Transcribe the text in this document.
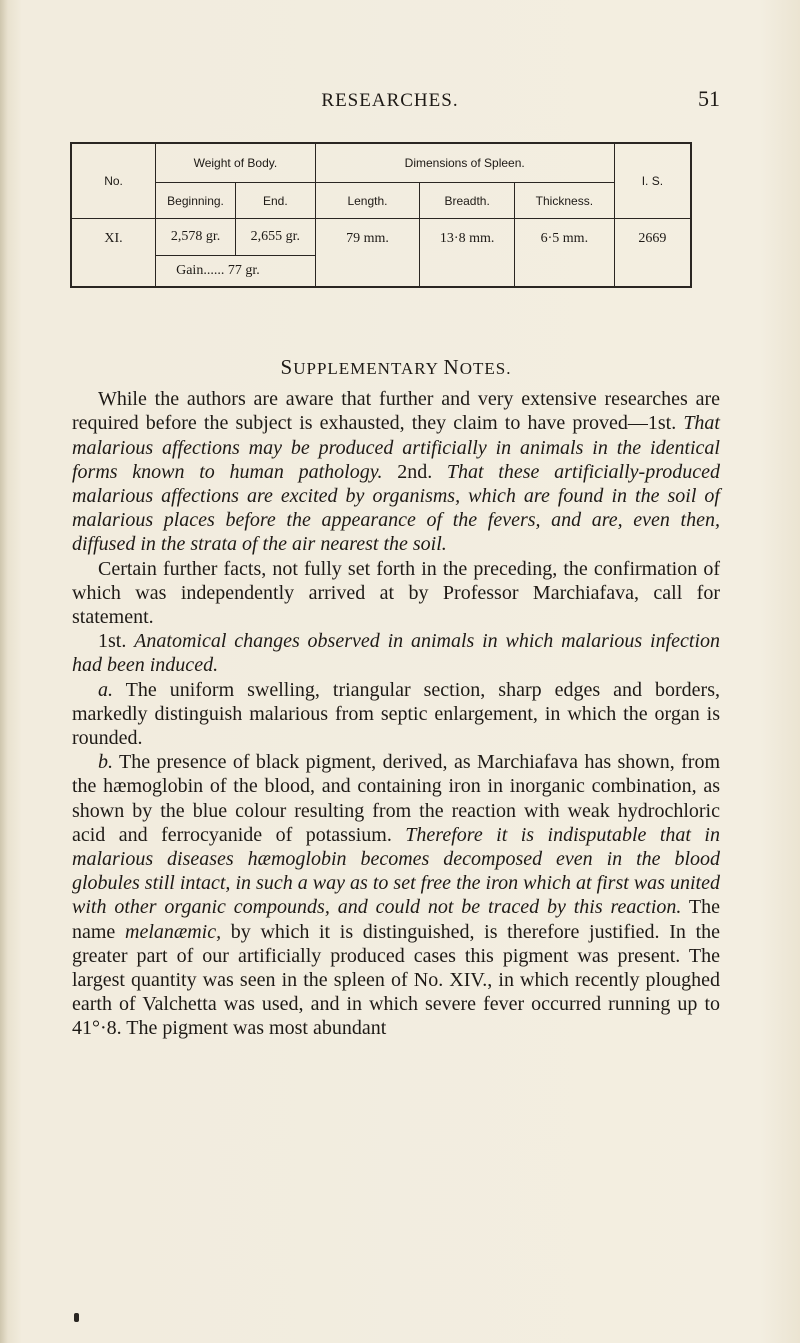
RESEARCHES.	51
No.	Weight of Body.		Dimensions of Spleen.			I. S.
	Beginning.	End.	Length.	Breadth.	Thickness.	
XI.	2,578 gr.	2,655 gr.	79 mm.	13·8 mm.	6·5 mm.	2669
	Gain...... 77 gr.					
SUPPLEMENTARY NOTES.

While the authors are aware that further and very extensive researches are required before the subject is exhausted, they claim to have proved—1st. That malarious affections may be produced artificially in animals in the identical forms known to human pathology. 2nd. That these artificially-produced malarious affections are excited by organisms, which are found in the soil of malarious places before the appearance of the fevers, and are, even then, diffused in the strata of the air nearest the soil.

Certain further facts, not fully set forth in the preceding, the confirmation of which was independently arrived at by Professor Marchiafava, call for statement.

1st. Anatomical changes observed in animals in which malarious infection had been induced.

a. The uniform swelling, triangular section, sharp edges and borders, markedly distinguish malarious from septic enlargement, in which the organ is rounded.

b. The presence of black pigment, derived, as Marchiafava has shown, from the hæmoglobin of the blood, and containing iron in inorganic combination, as shown by the blue colour resulting from the reaction with weak hydrochloric acid and ferrocyanide of potassium. Therefore it is indisputable that in malarious diseases hæmoglobin becomes decomposed even in the blood globules still intact, in such a way as to set free the iron which at first was united with other organic compounds, and could not be traced by this reaction. The name melanæmic, by which it is distinguished, is therefore justified. In the greater part of our artificially produced cases this pigment was present. The largest quantity was seen in the spleen of No. XIV., in which recently ploughed earth of Valchetta was used, and in which severe fever occurred running up to 41°·8. The pigment was most abundant
